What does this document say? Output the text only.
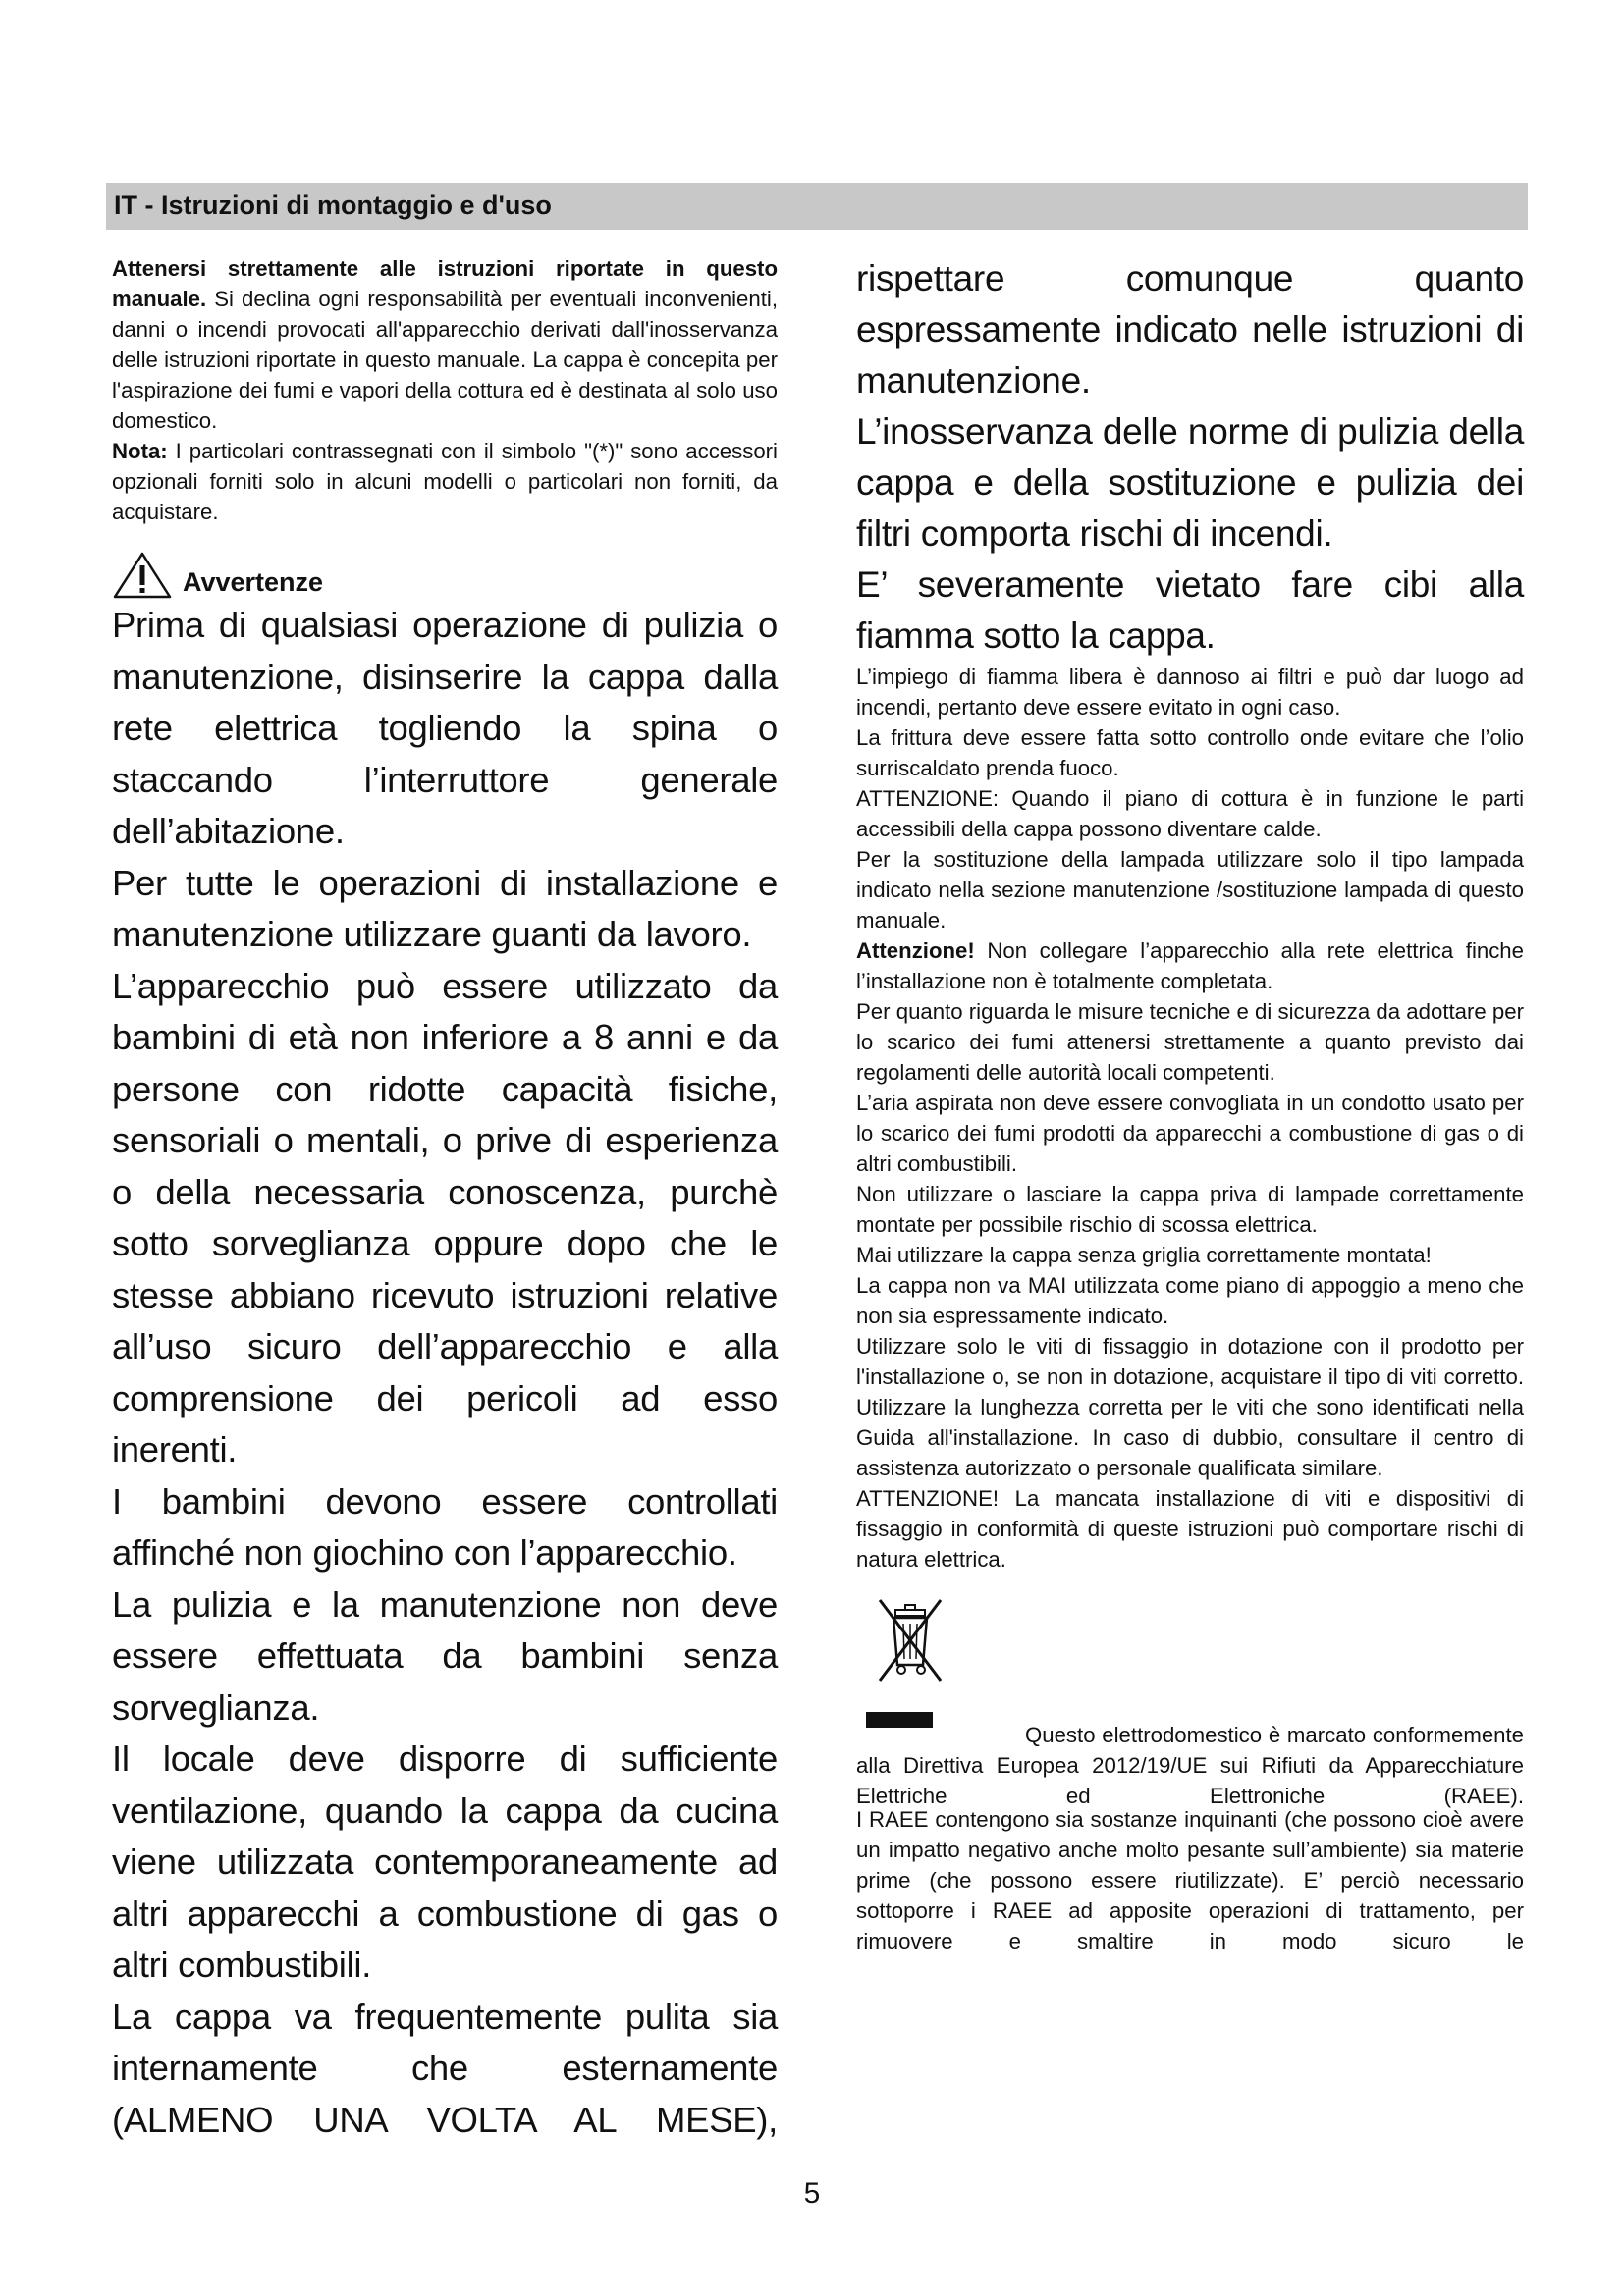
IT - Istruzioni di montaggio e d'uso

Attenersi strettamente alle istruzioni riportate in questo manuale. Si declina ogni responsabilità per eventuali inconvenienti, danni o incendi provocati all'apparecchio derivati dall'inosservanza delle istruzioni riportate in questo manuale. La cappa è concepita per l'aspirazione dei fumi e vapori della cottura ed è destinata al solo uso domestico.

Nota: I particolari contrassegnati con il simbolo "(*)" sono accessori opzionali forniti solo in alcuni modelli o particolari non forniti, da acquistare.

Avvertenze

Prima di qualsiasi operazione di pulizia o manutenzione, disinserire la cappa dalla rete elettrica togliendo la spina o staccando l’interruttore generale dell’abitazione.

Per tutte le operazioni di installazione e manutenzione utilizzare guanti da lavoro.

L’apparecchio può essere utilizzato da bambini di età non inferiore a 8 anni e da persone con ridotte capacità fisiche, sensoriali o mentali, o prive di esperienza o della necessaria conoscenza, purchè sotto sorveglianza oppure dopo che le stesse abbiano ricevuto istruzioni relative all’uso sicuro dell’apparecchio e alla comprensione dei pericoli ad esso inerenti.

I bambini devono essere controllati affinché non giochino con l’apparecchio.

La pulizia e la manutenzione non deve essere effettuata da bambini senza sorveglianza.

Il locale deve disporre di sufficiente ventilazione, quando la cappa da cucina viene utilizzata contemporaneamente ad altri apparecchi a combustione di gas o altri combustibili.

La cappa va frequentemente pulita sia internamente che esternamente (ALMENO UNA VOLTA AL MESE),

rispettare comunque quanto espressamente indicato nelle istruzioni di manutenzione.

L’inosservanza delle norme di pulizia della cappa e della sostituzione e pulizia dei filtri comporta rischi di incendi.

E’ severamente vietato fare cibi alla fiamma sotto la cappa.

L’impiego di fiamma libera è dannoso ai filtri e può dar luogo ad incendi, pertanto deve essere evitato in ogni caso.

La frittura deve essere fatta sotto controllo onde evitare che l’olio surriscaldato prenda fuoco.

ATTENZIONE: Quando il piano di cottura è in funzione le parti accessibili della cappa possono diventare calde.

Per la sostituzione della lampada utilizzare solo il tipo lampada indicato nella sezione manutenzione /sostituzione lampada di questo manuale.

Attenzione! Non collegare l’apparecchio alla rete elettrica finche l’installazione non è totalmente completata.

Per quanto riguarda le misure tecniche e di sicurezza da adottare per lo scarico dei fumi attenersi strettamente a quanto previsto dai regolamenti delle autorità locali competenti.

L’aria aspirata non deve essere convogliata in un condotto usato per lo scarico dei fumi prodotti da apparecchi a combustione di gas o di altri combustibili.

Non utilizzare o lasciare la cappa priva di lampade correttamente montate per possibile rischio di scossa elettrica.

Mai utilizzare la cappa senza griglia correttamente montata!

La cappa non va MAI utilizzata come piano di appoggio a meno che non sia espressamente indicato.

Utilizzare solo le viti di fissaggio in dotazione con il prodotto per l'installazione o, se non in dotazione, acquistare il tipo di viti corretto. Utilizzare la lunghezza corretta per le viti che sono identificati nella Guida all'installazione. In caso di dubbio, consultare il centro di assistenza autorizzato o personale qualificata similare.

ATTENZIONE! La mancata installazione di viti e dispositivi di fissaggio in conformità di queste istruzioni può comportare rischi di natura elettrica.

Questo elettrodomestico è marcato conformemente alla Direttiva Europea 2012/19/UE sui Rifiuti da Apparecchiature Elettriche ed Elettroniche (RAEE).

I RAEE contengono sia sostanze inquinanti (che possono cioè avere un impatto negativo anche molto pesante sull’ambiente) sia materie prime (che possono essere riutilizzate). E’ perciò necessario sottoporre i RAEE ad apposite operazioni di trattamento, per rimuovere e smaltire in modo sicuro le

5
